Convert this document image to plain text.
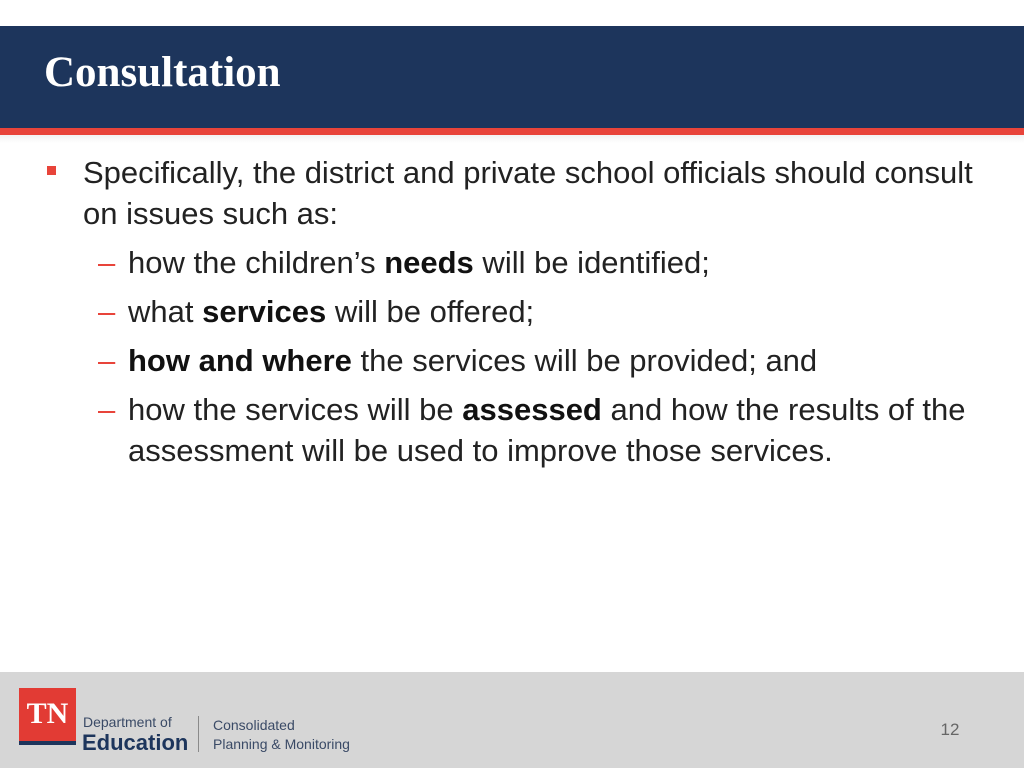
Consultation
Specifically, the district and private school officials should consult on issues such as:
– how the children’s needs will be identified;
– what services will be offered;
– how and where the services will be provided; and
– how the services will be assessed and how the results of the assessment will be used to improve those services.
TN	Department of
Education
Consolidated
Planning & Monitoring
12
